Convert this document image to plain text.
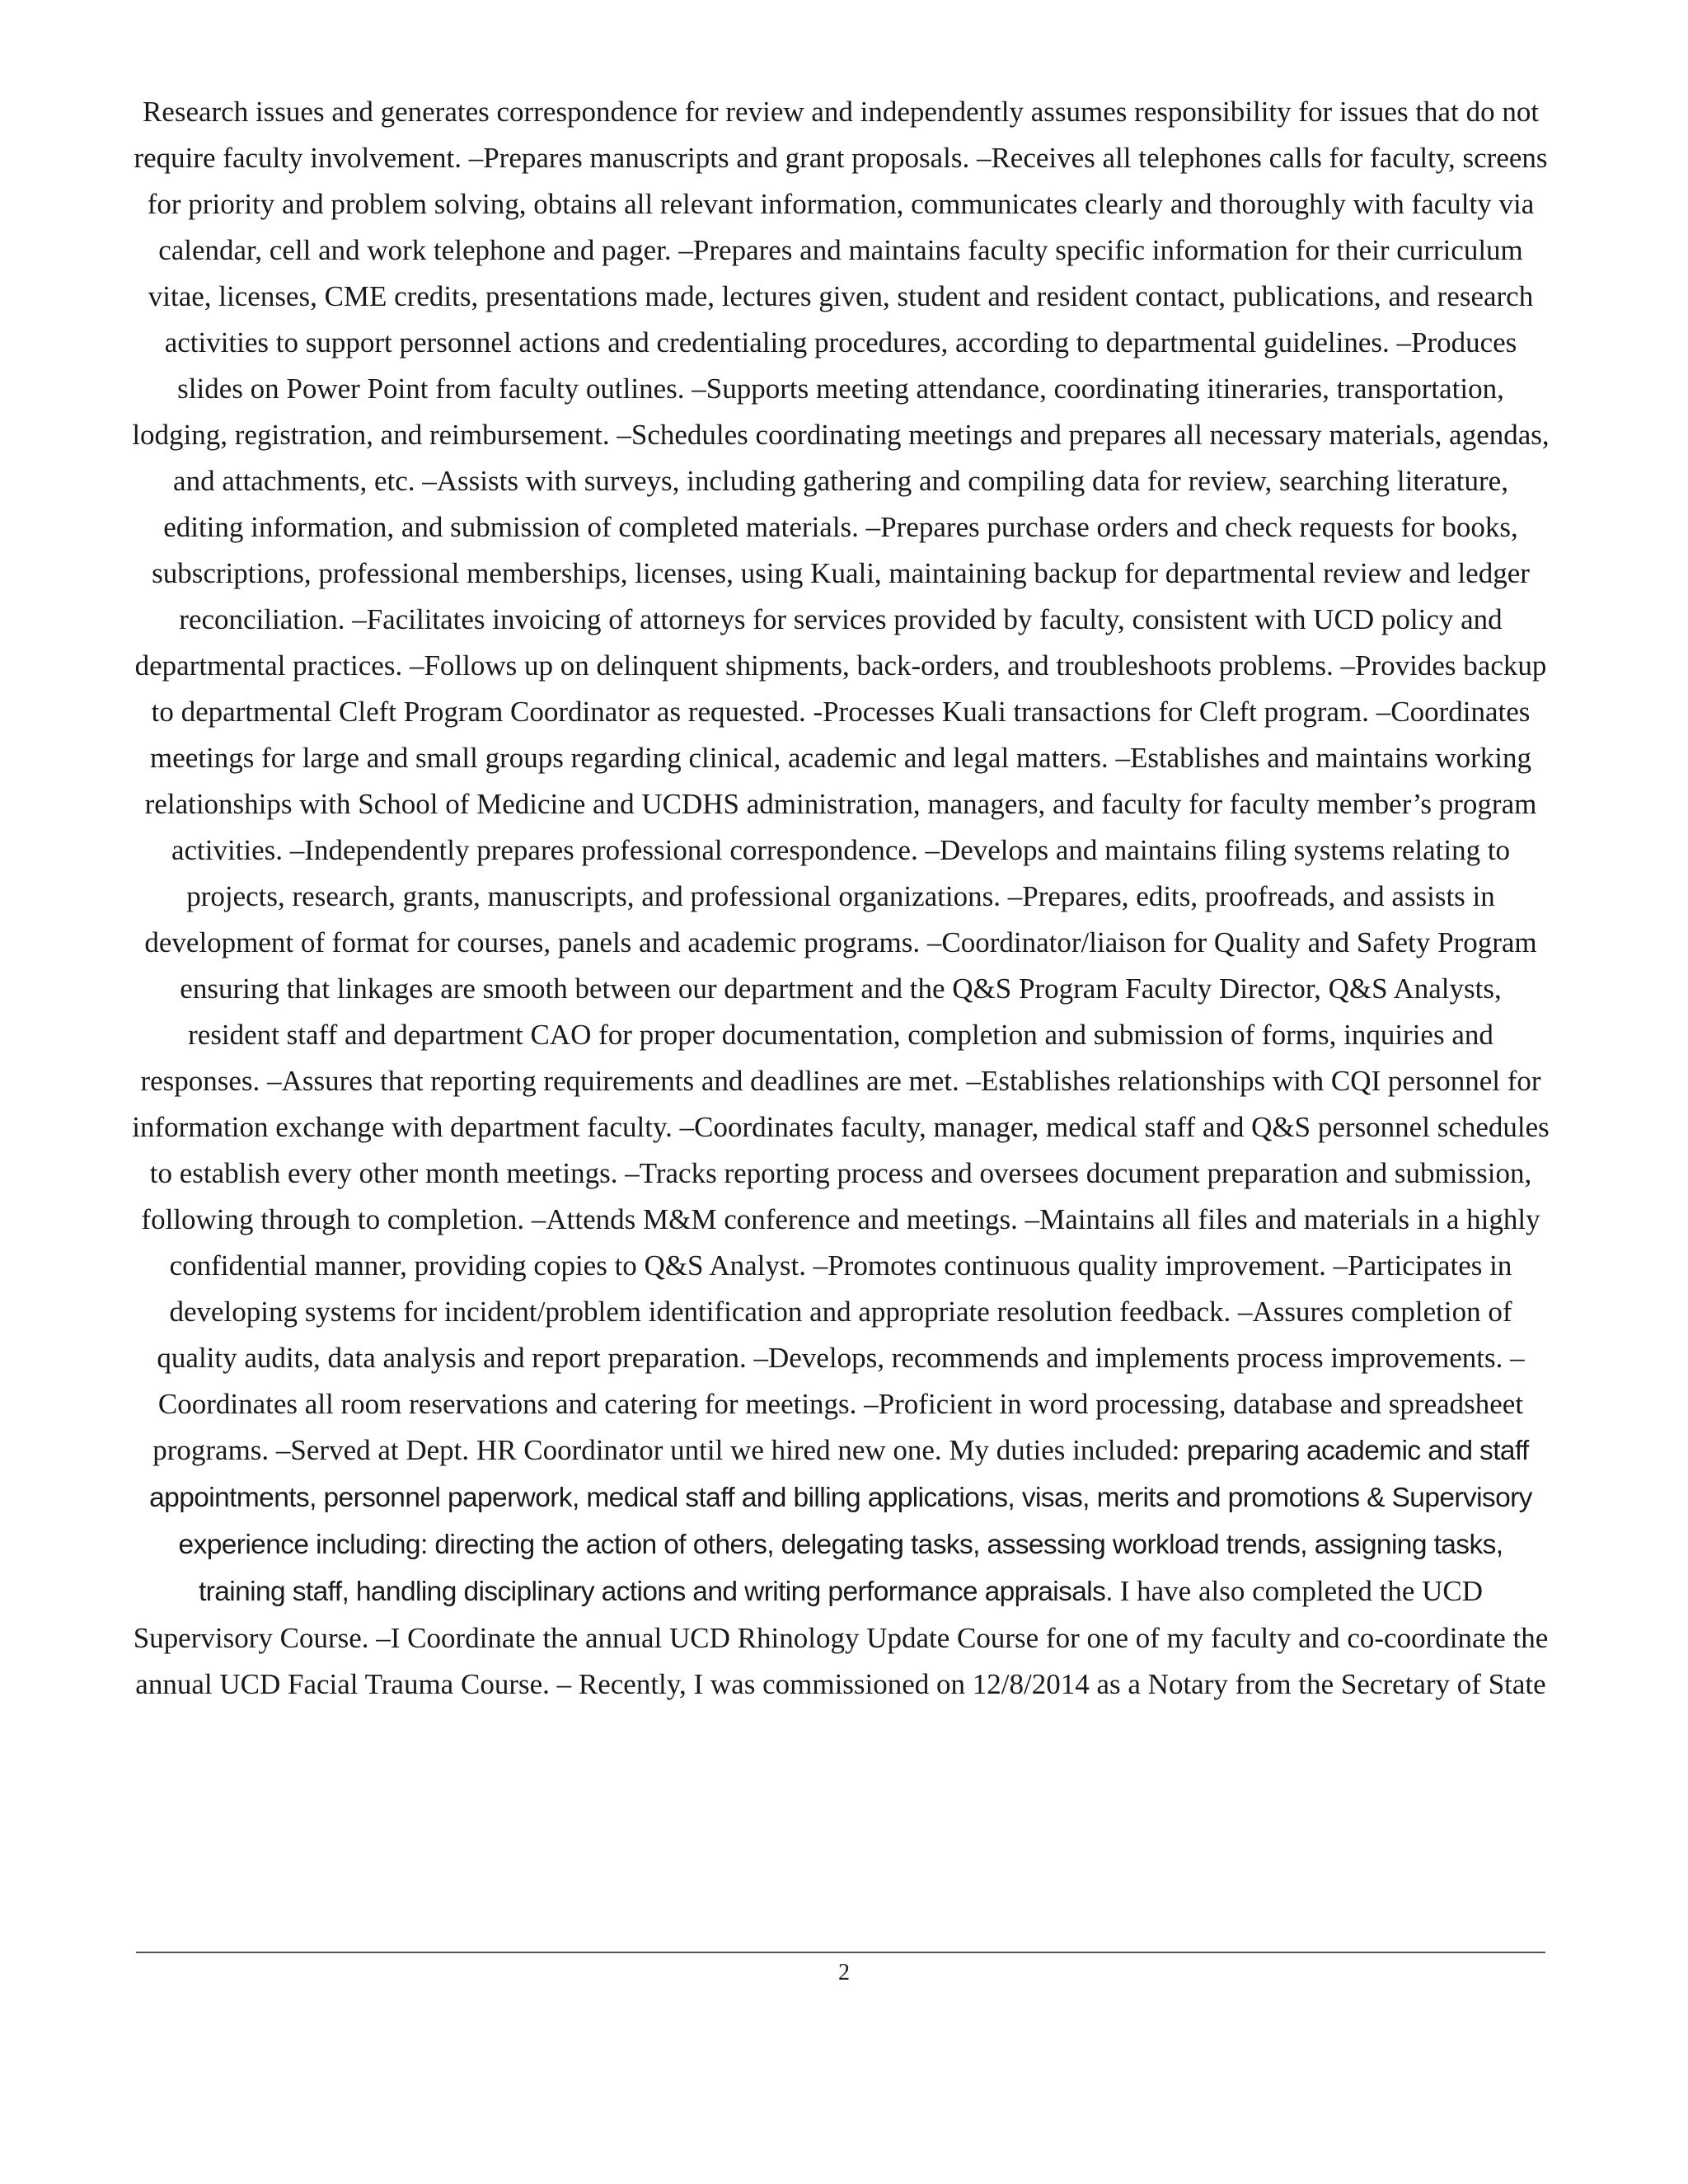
Research issues and generates correspondence for review and independently assumes responsibility for issues that do not require faculty involvement. –Prepares manuscripts and grant proposals. –Receives all telephones calls for faculty, screens for priority and problem solving, obtains all relevant information, communicates clearly and thoroughly with faculty via calendar, cell and work telephone and pager. –Prepares and maintains faculty specific information for their curriculum vitae, licenses, CME credits, presentations made, lectures given, student and resident contact, publications, and research activities to support personnel actions and credentialing procedures, according to departmental guidelines. –Produces slides on Power Point from faculty outlines. –Supports meeting attendance, coordinating itineraries, transportation, lodging, registration, and reimbursement. –Schedules coordinating meetings and prepares all necessary materials, agendas, and attachments, etc. –Assists with surveys, including gathering and compiling data for review, searching literature, editing information, and submission of completed materials. –Prepares purchase orders and check requests for books, subscriptions, professional memberships, licenses, using Kuali, maintaining backup for departmental review and ledger reconciliation. –Facilitates invoicing of attorneys for services provided by faculty, consistent with UCD policy and departmental practices. –Follows up on delinquent shipments, back-orders, and troubleshoots problems. –Provides backup to departmental Cleft Program Coordinator as requested. -Processes Kuali transactions for Cleft program. –Coordinates meetings for large and small groups regarding clinical, academic and legal matters. –Establishes and maintains working relationships with School of Medicine and UCDHS administration, managers, and faculty for faculty member’s program activities. –Independently prepares professional correspondence. –Develops and maintains filing systems relating to projects, research, grants, manuscripts, and professional organizations. –Prepares, edits, proofreads, and assists in development of format for courses, panels and academic programs. –Coordinator/liaison for Quality and Safety Program ensuring that linkages are smooth between our department and the Q&S Program Faculty Director, Q&S Analysts, resident staff and department CAO for proper documentation, completion and submission of forms, inquiries and responses. –Assures that reporting requirements and deadlines are met. –Establishes relationships with CQI personnel for information exchange with department faculty. –Coordinates faculty, manager, medical staff and Q&S personnel schedules to establish every other month meetings. –Tracks reporting process and oversees document preparation and submission, following through to completion. –Attends M&M conference and meetings. –Maintains all files and materials in a highly confidential manner, providing copies to Q&S Analyst. –Promotes continuous quality improvement. –Participates in developing systems for incident/problem identification and appropriate resolution feedback. –Assures completion of quality audits, data analysis and report preparation. –Develops, recommends and implements process improvements. –Coordinates all room reservations and catering for meetings. –Proficient in word processing, database and spreadsheet programs. –Served at Dept. HR Coordinator until we hired new one. My duties included: preparing academic and staff appointments, personnel paperwork, medical staff and billing applications, visas, merits and promotions & Supervisory experience including: directing the action of others, delegating tasks, assessing workload trends, assigning tasks, training staff, handling disciplinary actions and writing performance appraisals. I have also completed the UCD Supervisory Course. –I Coordinate the annual UCD Rhinology Update Course for one of my faculty and co-coordinate the annual UCD Facial Trauma Course. – Recently, I was commissioned on 12/8/2014 as a Notary from the Secretary of State

2
